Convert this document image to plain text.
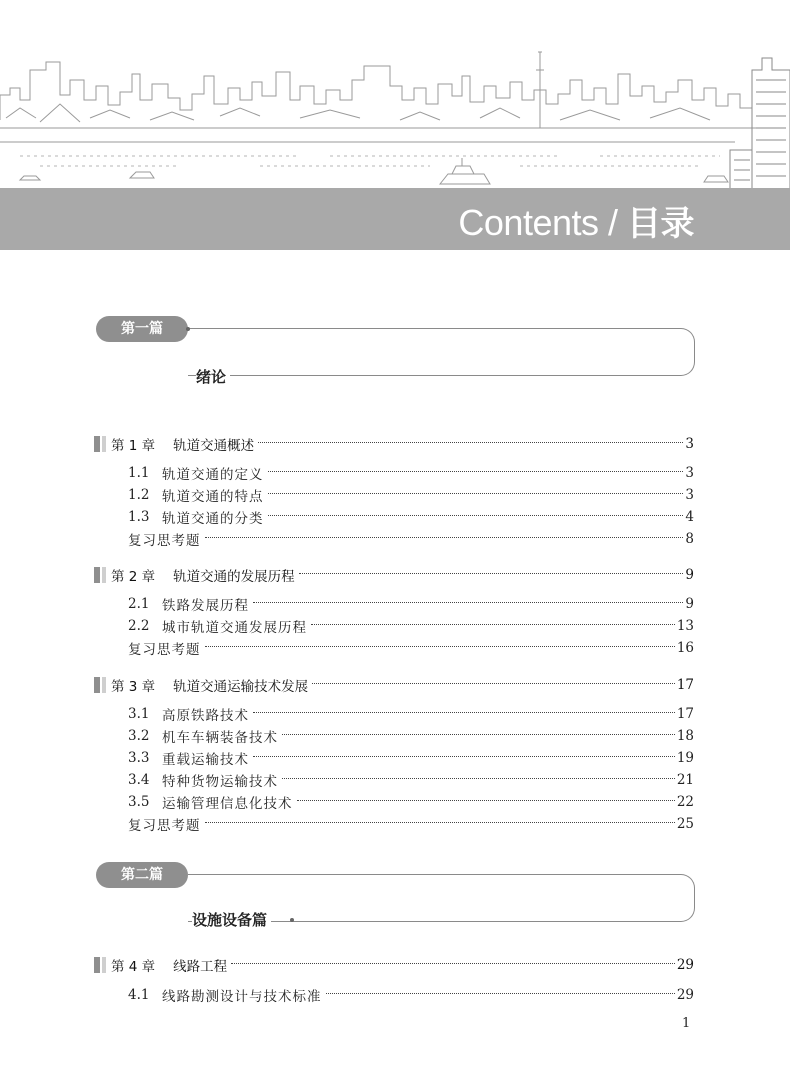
Contents / 目录
第一篇
绪论
第 1 章 轨道交通概述	3
1.1 轨道交通的定义	3
1.2 轨道交通的特点	3
1.3 轨道交通的分类	4
复习思考题	8
第 2 章 轨道交通的发展历程	9
2.1 铁路发展历程	9
2.2 城市轨道交通发展历程	13
复习思考题	16
第 3 章 轨道交通运输技术发展	17
3.1 高原铁路技术	17
3.2 机车车辆装备技术	18
3.3 重载运输技术	19
3.4 特种货物运输技术	21
3.5 运输管理信息化技术	22
复习思考题	25
第二篇
设施设备篇
第 4 章 线路工程	29
4.1 线路勘测设计与技术标准	29
1
